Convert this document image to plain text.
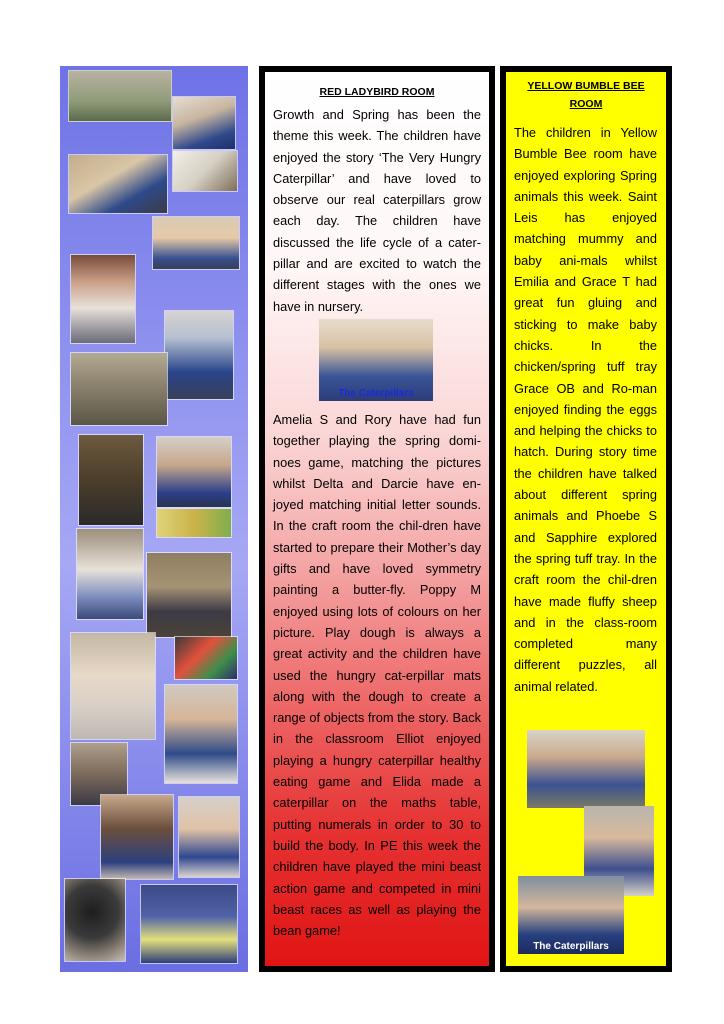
RED LADYBIRD ROOM
Growth and Spring has been the theme this week. The children have enjoyed the story ‘The Very Hungry Caterpillar’ and have loved to observe our real caterpillars grow each day. The children have discussed the life cycle of a cater-pillar and are excited to watch the different stages with the ones we have in nursery.
The Caterpillars
Amelia S and Rory have had fun together playing the spring domi-noes game, matching the pictures whilst Delta and Darcie have en-joyed matching initial letter sounds. In the craft room the chil-dren have started to prepare their Mother’s day gifts and have loved symmetry painting a butter-fly. Poppy M enjoyed using lots of colours on her picture. Play dough is always a great activity and the children have used the hungry cat-erpillar mats along with the dough to create a range of objects from the story. Back in the classroom Elliot enjoyed playing a hungry caterpillar healthy eating game and Elida made a caterpillar on the maths table, putting numerals in order to 30 to build the body. In PE this week the children have played the mini beast action game and competed in mini beast races as well as playing the bean game!
YELLOW BUMBLE BEE
ROOM
The children in Yellow Bumble Bee room have enjoyed exploring Spring animals this week. Saint Leis has enjoyed matching mummy and baby ani-mals whilst Emilia and Grace T had great fun gluing and sticking to make baby chicks. In the chicken/spring tuff tray Grace OB and Ro-man enjoyed finding the eggs and helping the chicks to hatch. During story time the children have talked about different spring animals and Phoebe S and Sapphire explored the spring tuff tray. In the craft room the chil-dren have made fluffy sheep and in the class-room completed many different puzzles, all animal related.
The Caterpillars
